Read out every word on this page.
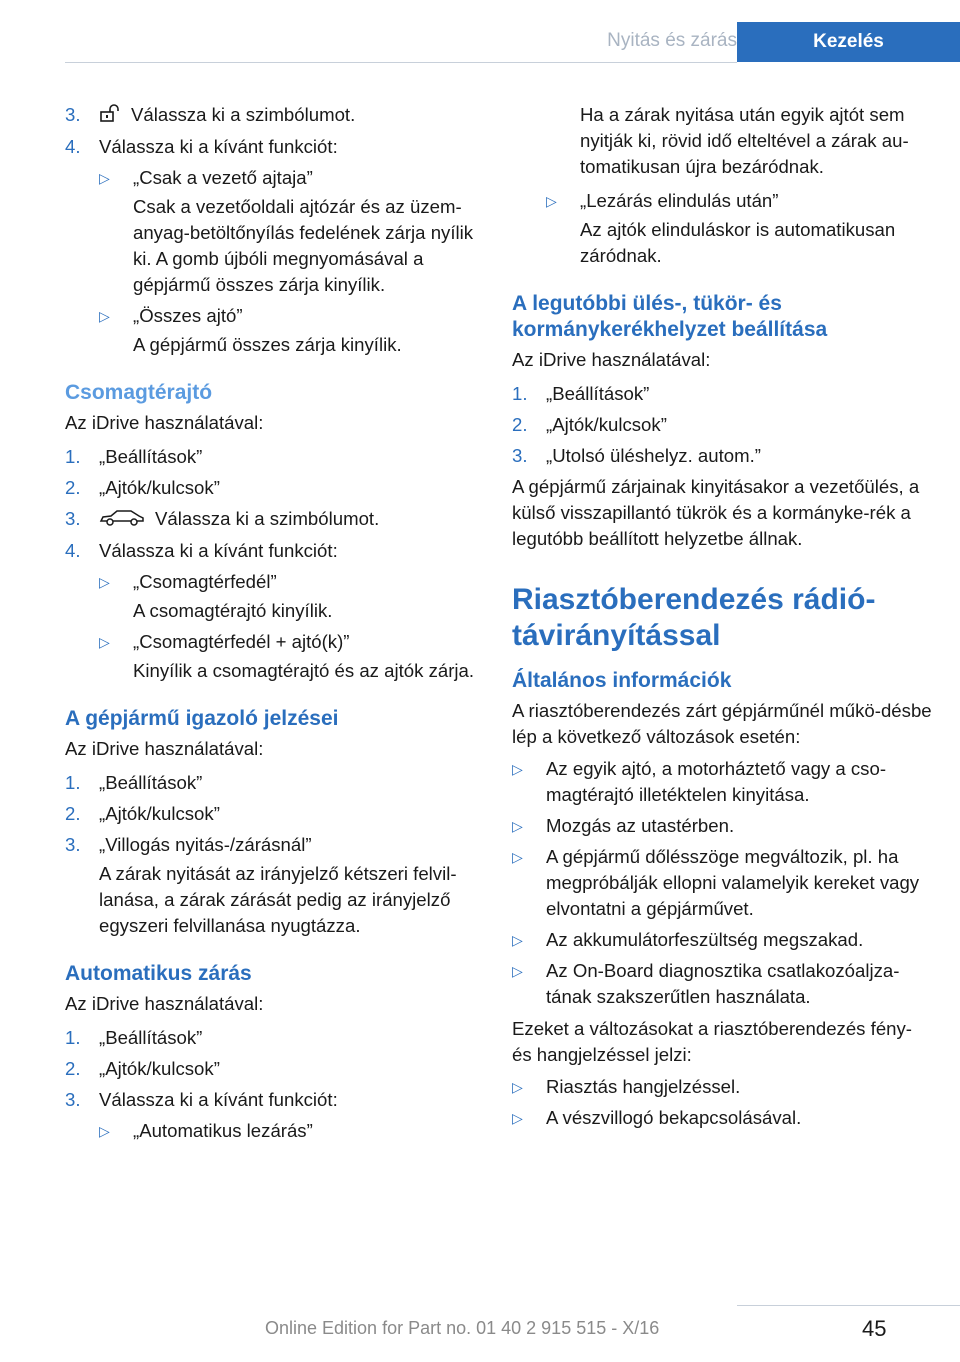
Nyitás és zárás	Kezelés
3.	Válassza ki a szimbólumot.
4. Válassza ki a kívánt funkciót:
▷	„Csak a vezető ajtaja”

Csak a vezetőoldali ajtózár és az üzem-anyag-betöltőnyílás fedelének zárja nyílik ki. A gomb újbóli megnyomásával a gépjármű összes zárja kinyílik.

▷	„Összes ajtó”

A gépjármű összes zárja kinyílik.

Csomagtérajtó

Az iDrive használatával:

1. „Beállítások”
2. „Ajtók/kulcsok”
3.	Válassza ki a szimbólumot.
4. Válassza ki a kívánt funkciót:
▷	„Csomagtérfedél”

A csomagtérajtó kinyílik.

▷	„Csomagtérfedél + ajtó(k)”

Kinyílik a csomagtérajtó és az ajtók zárja.

A gépjármű igazoló jelzései

Az iDrive használatával:

1. „Beállítások”
2. „Ajtók/kulcsok”
3. „Villogás nyitás-/zárásnál”

A zárak nyitását az irányjelző kétszeri felvil-lanása, a zárak zárását pedig az irányjelző egyszeri felvillanása nyugtázza.

Automatikus zárás

Az iDrive használatával:

1. „Beállítások”
2. „Ajtók/kulcsok”
3. Válassza ki a kívánt funkciót:
▷	„Automatikus lezárás”

Ha a zárak nyitása után egyik ajtót sem nyitják ki, rövid idő elteltével a zárak au-tomatikusan újra bezáródnak.

▷	„Lezárás elindulás után”

Az ajtók elinduláskor is automatikusan záródnak.

A legutóbbi ülés-, tükör- és kormánykerékhelyzet beállítása

Az iDrive használatával:

1. „Beállítások”
2. „Ajtók/kulcsok”
3. „Utolsó üléshelyz. autom.”

A gépjármű zárjainak kinyitásakor a vezetőülés, a külső visszapillantó tükrök és a kormányke-rék a legutóbb beállított helyzetbe állnak.

Riasztóberendezés rádió-távirányítással
Általános információk

A riasztóberendezés zárt gépjárműnél műkö-désbe lép a következő változások esetén:

▷	Az egyik ajtó, a motorháztető vagy a cso-magtérajtó illetéktelen kinyitása.
▷	Mozgás az utastérben.
▷	A gépjármű dőlésszöge megváltozik, pl. ha megpróbálják ellopni valamelyik kereket vagy elvontatni a gépjárművet.
▷	Az akkumulátorfeszültség megszakad.
▷	Az On-Board diagnosztika csatlakozóaljza-tának szakszerűtlen használata.

Ezeket a változásokat a riasztóberendezés fény- és hangjelzéssel jelzi:

▷	Riasztás hangjelzéssel.
▷	A vészvillogó bekapcsolásával.
45
Online Edition for Part no. 01 40 2 915 515 - X/16
